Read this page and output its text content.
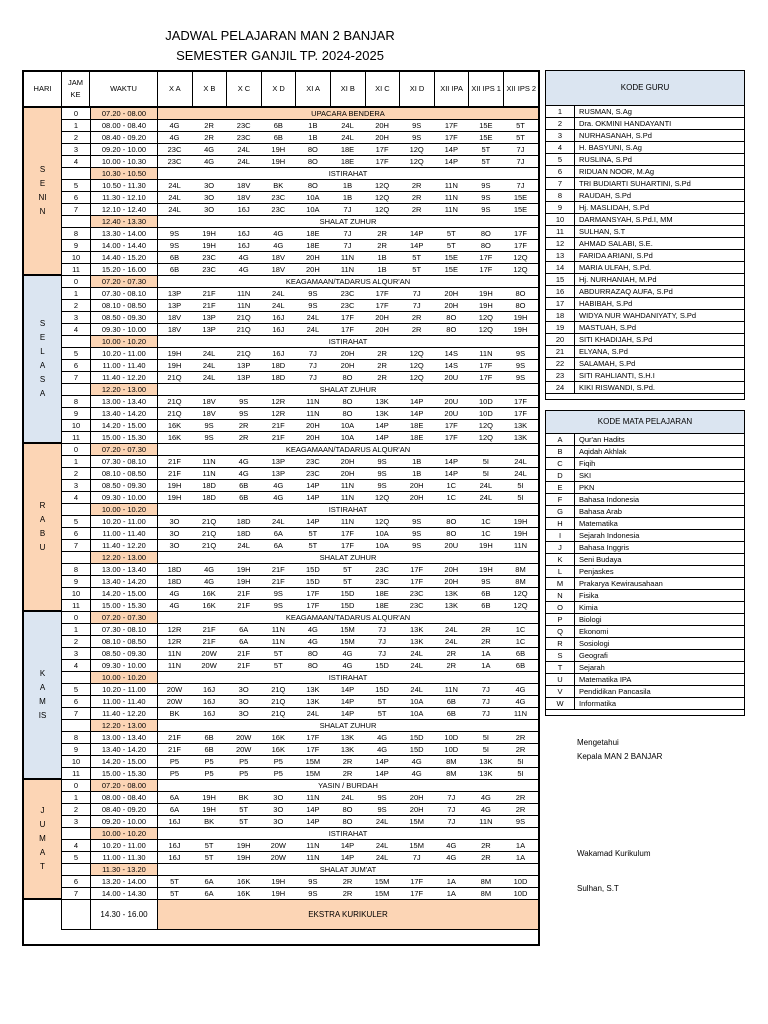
JADWAL PELAJARAN MAN 2 BANJAR
SEMESTER GANJIL TP. 2024-2025
HARI
JAM KE
WAKTU	X A	X B	X C	X D	XI A	XI B	XI C	XI D	XII IPA	XII IPS 1 XII IPS 2
0	07.20 - 08.00	UPACARA BENDERA
1	08.00 - 08.40	4G	2R	23C	6B	1B	24L	20H	9S	17F	15E	5T
2	08.40 - 09.20	4G	2R	23C	6B	1B	24L	20H	9S	17F	15E	5T
3	09.20 - 10.00	23C	4G	24L	19H	8O	18E	17F	12Q	14P	5T	7J
4	10.00 - 10.30	23C	4G	24L	19H	8O	18E	17F	12Q	14P	5T	7J
10.30 - 10.50	ISTIRAHAT
5	10.50 - 11.30	24L	3O	18V	BK	8O	1B	12Q	2R	11N	9S	7J
6	11.30 - 12.10	24L	3O	18V	23C	10A	1B	12Q	2R	11N	9S	15E
7	12.10 - 12.40	24L	3O	16J	23C	10A	7J	12Q	2R	11N	9S	15E
12.40 - 13.30	SHALAT ZUHUR
8	13.30 - 14.00	9S	19H	16J	4G	18E	7J	2R	14P	5T	8O	17F
9	14.00 - 14.40	9S	19H	16J	4G	18E	7J	2R	14P	5T	8O	17F
10	14.40 - 15.20	6B	23C	4G	18V	20H	11N	1B	5T	15E	17F	12Q
11	15.20 - 16.00	6B	23C	4G	18V	20H	11N	1B	5T	15E	17F	12Q
SENIN
0	07.20 - 07.30	KEAGAMAAN/TADARUS ALQUR'AN
1	07.30 - 08.10	13P	21F	11N	24L	9S	23C	17F	7J	20H	19H	8O
2	08.10 - 08.50	13P	21F	11N	24L	9S	23C	17F	7J	20H	19H	8O
3	08.50 - 09.30	18V	13P	21Q	16J	24L	17F	20H	2R	8O	12Q	19H
4	09.30 - 10.00	18V	13P	21Q	16J	24L	17F	20H	2R	8O	12Q	19H
10.00 - 10.20	ISTIRAHAT
5	10.20 - 11.00	19H	24L	21Q	16J	7J	20H	2R	12Q	14S	11N	9S
6	11.00 - 11.40	19H	24L	13P	18D	7J	20H	2R	12Q	14S	17F	9S
7	11.40 - 12.20	21Q	24L	13P	18D	7J	8O	2R	12Q	20U	17F	9S
12.20 - 13.00	SHALAT ZUHUR
8	13.00 - 13.40	21Q	18V	9S	12R	11N	8O	13K	14P	20U	10D	17F
9	13.40 - 14.20	21Q	18V	9S	12R	11N	8O	13K	14P	20U	10D	17F
10	14.20 - 15.00	16K	9S	2R	21F	20H	10A	14P	18E	17F	12Q	13K
11	15.00 - 15.30	16K	9S	2R	21F	20H	10A	14P	18E	17F	12Q	13K
SELASA
0	07.20 - 07.30	KEAGAMAAN/TADARUS ALQUR'AN
1	07.30 - 08.10	21F	11N	4G	13P	23C	20H	9S	1B	14P	5I	24L
2	08.10 - 08.50	21F	11N	4G	13P	23C	20H	9S	1B	14P	5I	24L
3	08.50 - 09.30	19H	18D	6B	4G	14P	11N	9S	20H	1C	24L	5I
4	09.30 - 10.00	19H	18D	6B	4G	14P	11N	12Q	20H	1C	24L	5I
10.00 - 10.20	ISTIRAHAT
5	10.20 - 11.00	3O	21Q	18D	24L	14P	11N	12Q	9S	8O	1C	19H
6	11.00 - 11.40	3O	21Q	18D	6A	5T	17F	10A	9S	8O	1C	19H
7	11.40 - 12.20	3O	21Q	24L	6A	5T	17F	10A	9S	20U	19H	11N
12.20 - 13.00	SHALAT ZUHUR
8	13.00 - 13.40	18D	4G	19H	21F	15D	5T	23C	17F	20H	19H	8M
9	13.40 - 14.20	18D	4G	19H	21F	15D	5T	23C	17F	20H	9S	8M
10	14.20 - 15.00	4G	16K	21F	9S	17F	15D	18E	23C	13K	6B	12Q
11	15.00 - 15.30	4G	16K	21F	9S	17F	15D	18E	23C	13K	6B	12Q
RABU
0	07.20 - 07.30	KEAGAMAAN/TADARUS ALQUR'AN
1	07.30 - 08.10	12R	21F	6A	11N	4G	15M	7J	13K	24L	2R	1C
2	08.10 - 08.50	12R	21F	6A	11N	4G	15M	7J	13K	24L	2R	1C
3	08.50 - 09.30	11N	20W	21F	5T	8O	4G	7J	24L	2R	1A	6B
4	09.30 - 10.00	11N	20W	21F	5T	8O	4G	15D	24L	2R	1A	6B
10.00 - 10.20	ISTIRAHAT
5	10.20 - 11.00	20W	16J	3O	21Q	13K	14P	15D	24L	11N	7J	4G
6	11.00 - 11.40	20W	16J	3O	21Q	13K	14P	5T	10A	6B	7J	4G
7	11.40 - 12.20	BK	16J	3O	21Q	24L	14P	5T	10A	6B	7J	11N
12.20 - 13.00	SHALAT ZUHUR
8	13.00 - 13.40	21F	6B	20W	16K	17F	13K	4G	15D	10D	5I	2R
9	13.40 - 14.20	21F	6B	20W	16K	17F	13K	4G	15D	10D	5I	2R
10	14.20 - 15.00	P5	P5	P5	P5	15M	2R	14P	4G	8M	13K	5I
11	15.00 - 15.30	P5	P5	P5	P5	15M	2R	14P	4G	8M	13K	5I
KAMIS
0	07.20 - 08.00	YASIN / BURDAH
1	08.00 - 08.40	6A	19H	BK	3O	11N	24L	9S	20H	7J	4G	2R
2	08.40 - 09.20	6A	19H	5T	3O	14P	8O	9S	20H	7J	4G	2R
3	09.20 - 10.00	16J	BK	5T	3O	14P	8O	24L	15M	7J	11N	9S
10.00 - 10.20	ISTIRAHAT
4	10.20 - 11.00	16J	5T	19H	20W	11N	14P	24L	15M	4G	2R	1A
5	11.00 - 11.30	16J	5T	19H	20W	11N	14P	24L	7J	4G	2R	1A
11.30 - 13.20	SHALAT JUM'AT
6	13.20 - 14.00	5T	6A	16K	19H	9S	2R	15M	17F	1A	8M	10D
7	14.00 - 14.30	5T	6A	16K	19H	9S	2R	15M	17F	1A	8M	10D
JUMAT
14.30 - 16.00	EKSTRA KURIKULER
KODE GURU
1	RUSMAN, S.Ag
2	Dra. OKMINI HANDAYANTI
3	NURHASANAH, S.Pd
4	H. BASYUNI, S.Ag
5	RUSLINA, S.Pd
6	RIDUAN NOOR, M.Ag
7	TRI BUDIARTI SUHARTINI, S.Pd
8	RAUDAH, S.Pd
9	Hj. MASLIDAH, S.Pd
10	DARMANSYAH, S.Pd.I, MM
11	SULHAN, S.T
12	AHMAD SALABI, S.E.
13	FARIDA ARIANI, S.Pd
14	MARIA ULFAH, S.Pd.
15	Hj. NURHANIAH, M.Pd
16	ABDURRAZAQ AUFA, S.Pd
17	HABIBAH, S.Pd
18	WIDYA NUR WAHDANIYATY, S.Pd
19	MASTUAH, S.Pd
20	SITI KHADIJAH, S.Pd
21	ELYANA, S.Pd
22	SALAMAH, S.Pd
23	SITI RAHLIANTI, S.H.I
24	KIKI RISWANDI, S.Pd.
KODE MATA PELAJARAN
A	Qur'an Hadits
B	Aqidah Akhlak
C	Fiqih
D	SKI
E	PKN
F	Bahasa Indonesia
G	Bahasa Arab
H	Matematika
I	Sejarah Indonesia
J	Bahasa Inggris
K	Seni Budaya
L	Penjaskes
M	Prakarya Kewirausahaan
N	Fisika
O	Kimia
P	Biologi
Q	Ekonomi
R	Sosiologi
S	Geografi
T	Sejarah
U	Matematika IPA
V	Pendidikan Pancasila
W	Informatika
Mengetahui
Kepala MAN 2 BANJAR
Wakamad Kurikulum
Sulhan, S.T
